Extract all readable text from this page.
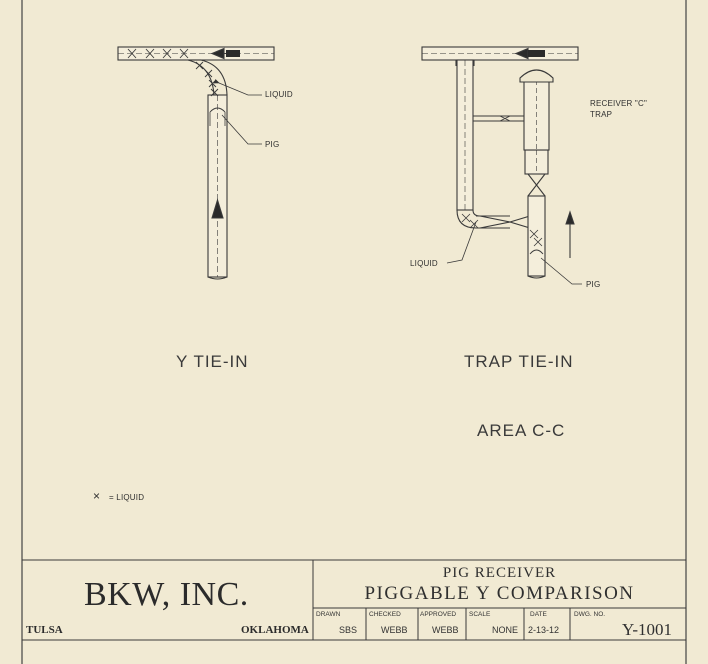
LIQUID
PIG
RECEIVER "C"
TRAP
LIQUID
PIG
Y TIE-IN	TRAP TIE-IN
AREA C-C
× = LIQUID
BKW, INC.
TULSA	OKLAHOMA
PIG RECEIVER
PIGGABLE Y COMPARISON
DRAWN
SBS
CHECKED
WEBB
APPROVED
WEBB
SCALE
NONE
DATE
2-13-12
DWG. NO.
Y-1001
